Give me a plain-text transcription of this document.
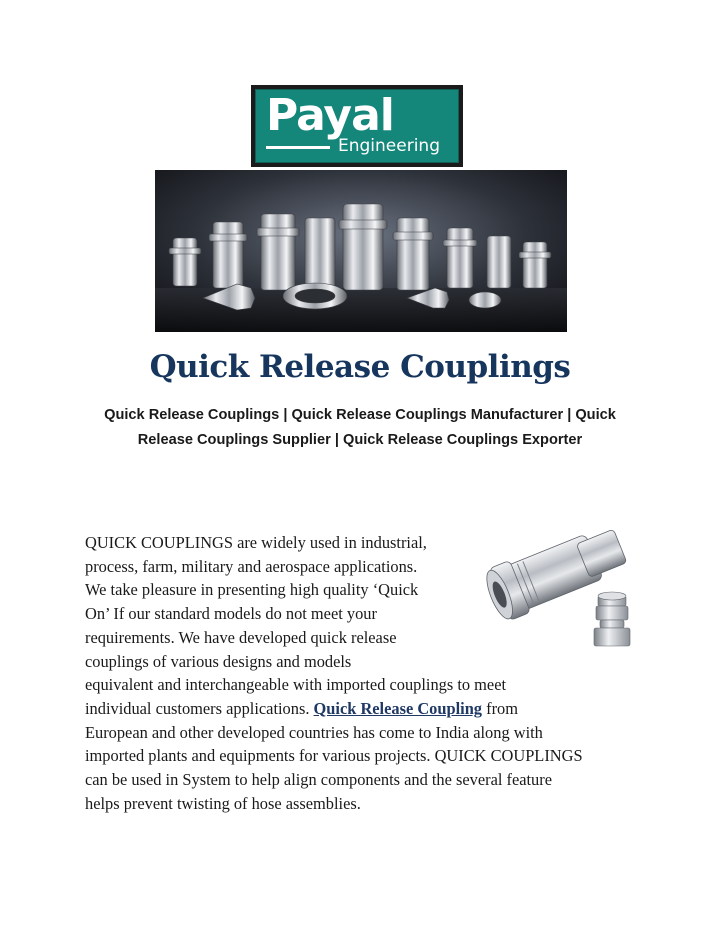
Payal
Engineering
Quick Release Couplings
Quick Release Couplings | Quick Release Couplings Manufacturer | Quick
Release Couplings Supplier | Quick Release Couplings Exporter
QUICK COUPLINGS are widely used in industrial,
process, farm, military and aerospace applications.
We take pleasure in presenting high quality ‘Quick
On’ If our standard models do not meet your
requirements. We have developed quick release
couplings of various designs and models
equivalent and interchangeable with imported couplings to meet
individual customers applications. Quick Release Coupling from
European and other developed countries has come to India along with
imported plants and equipments for various projects. QUICK COUPLINGS
can be used in System to help align components and the several feature
helps prevent twisting of hose assemblies.
